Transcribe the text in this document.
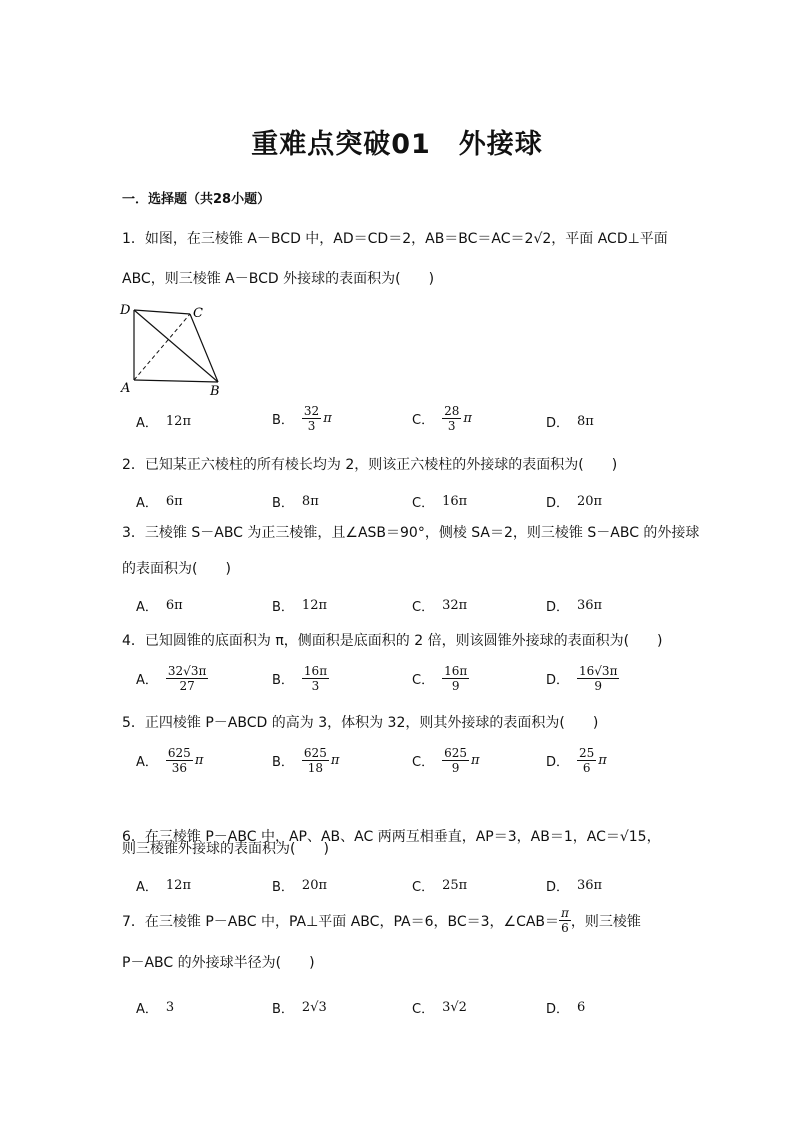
重难点突破01　外接球
一．选择题（共28小题）
1．如图，在三棱锥 A－BCD 中，AD＝CD＝2，AB＝BC＝AC＝2√2，平面 ACD⊥平面
ABC，则三棱锥 A－BCD 外接球的表面积为(　　)
D	C
A	B
A． 12π	B． $\frac{32}{3}$ π	C． $\frac{28}{3}$ π	D． 8π
2．已知某正六棱柱的所有棱长均为 2，则该正六棱柱的外接球的表面积为(　　)
A． 6π	B． 8π	C． 16π	D． 20π
3．三棱锥 S－ABC 为正三棱锥，且∠ASB＝90°，侧棱 SA＝2，则三棱锥 S－ABC 的外接球
的表面积为(　　)
A． 6π	B． 12π	C． 32π	D． 36π
4．已知圆锥的底面积为 π，侧面积是底面积的 2 倍，则该圆锥外接球的表面积为(　　)
A． $\frac{32√3\pi}{27}$	B． $\frac{16\pi}{3}$	C． $\frac{16\pi}{9}$	D． $\frac{16√3\pi}{9}$
5．正四棱锥 P－ABCD 的高为 3，体积为 32，则其外接球的表面积为(　　)
A． $\frac{625}{36}$ π	B． $\frac{625}{18}$ π	C． $\frac{625}{9}$ π	D． $\frac{25}{6}$ π
6．在三棱锥 P－ABC 中，AP、AB、AC 两两互相垂直，AP＝3，AB＝1，AC＝√15，
则三棱锥外接球的表面积为(　　)
A． 12π	B． 20π	C． 25π	D． 36π
7．在三棱锥 P－ABC 中，PA⊥平面 ABC，PA＝6，BC＝3，∠CAB＝ $\frac{\pi}{6}$ ，则三棱锥
P－ABC 的外接球半径为(　　)
A． 3	B． 2√3	C． 3√2	D． 6
